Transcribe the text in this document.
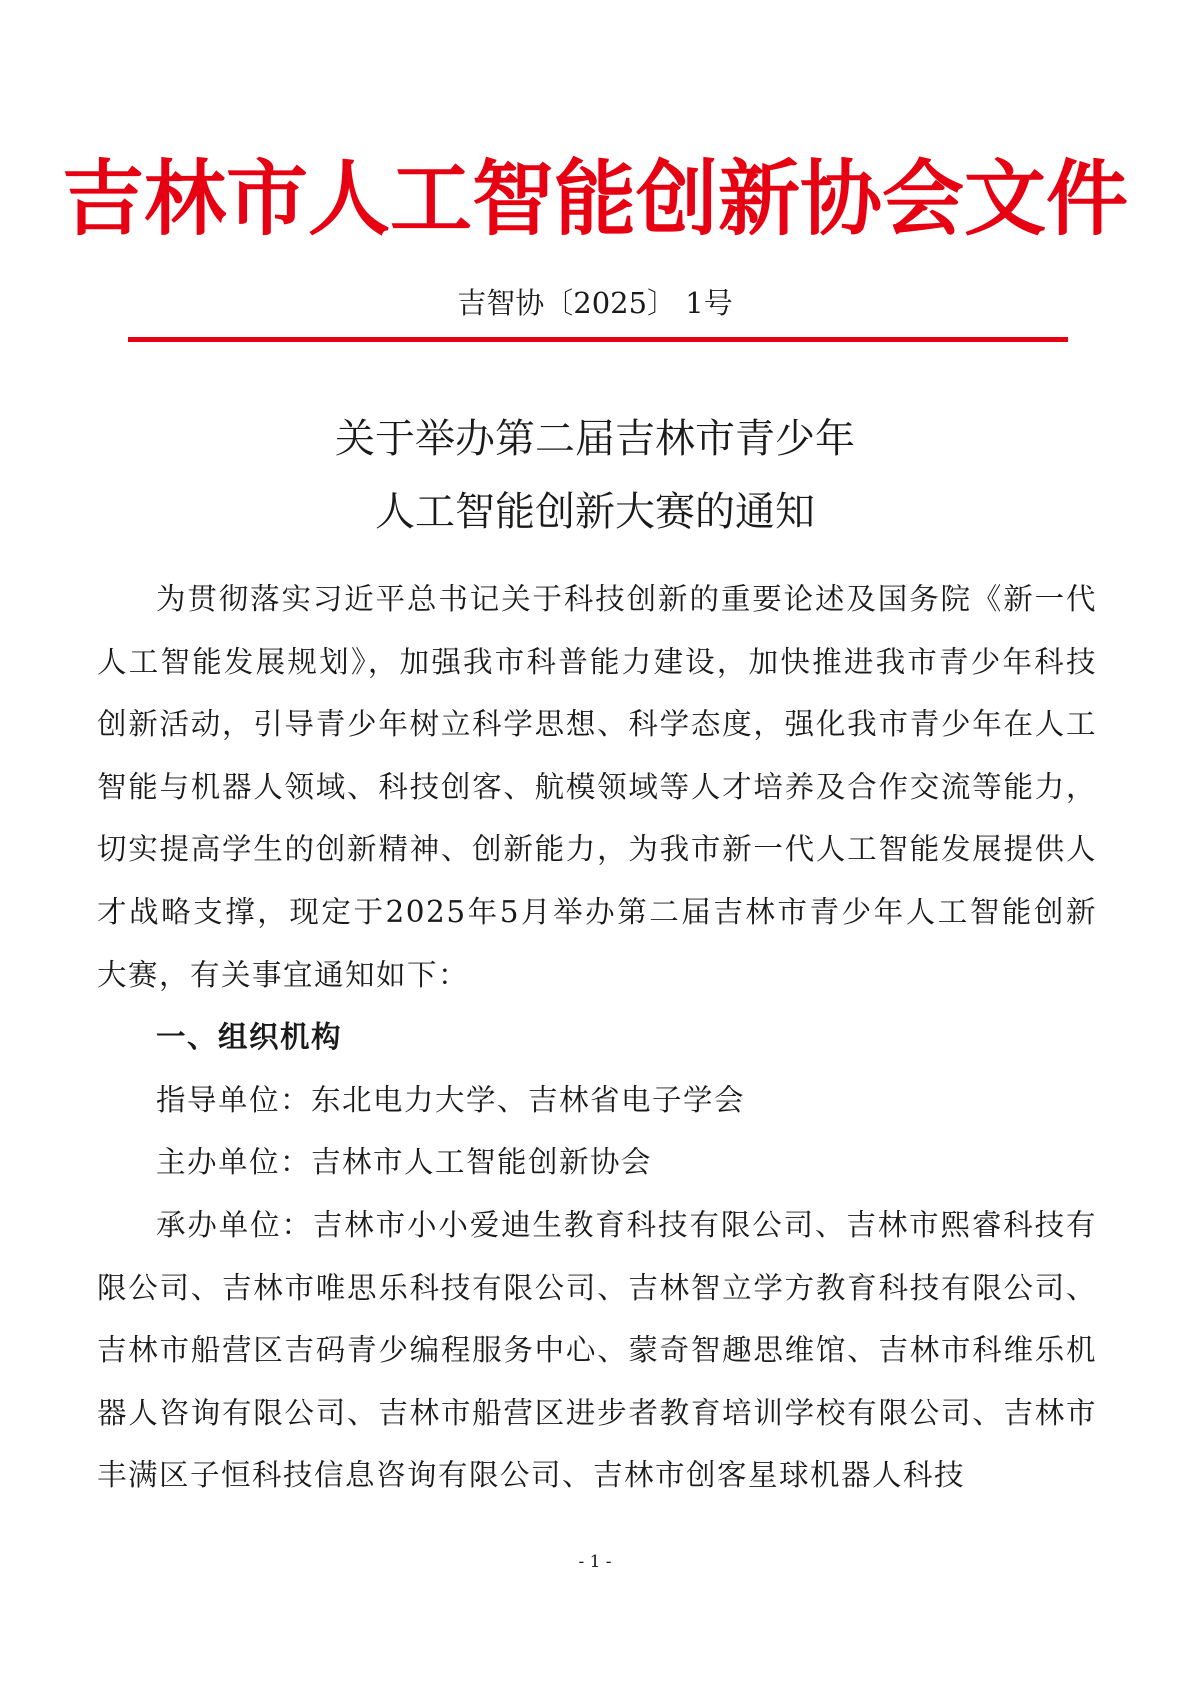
吉林市人工智能创新协会文件
吉智协〔2025〕 1号
关于举办第二届吉林市青少年
人工智能创新大赛的通知

为贯彻落实习近平总书记关于科技创新的重要论述及国务院《新一代人工智能发展规划》，加强我市科普能力建设，加快推进我市青少年科技创新活动，引导青少年树立科学思想、科学态度，强化我市青少年在人工智能与机器人领域、科技创客、航模领域等人才培养及合作交流等能力，切实提高学生的创新精神、创新能力，为我市新一代人工智能发展提供人才战略支撑，现定于2025年5月举办第二届吉林市青少年人工智能创新大赛，有关事宜通知如下：

一、组织机构

指导单位：东北电力大学、吉林省电子学会

主办单位：吉林市人工智能创新协会

承办单位：吉林市小小爱迪生教育科技有限公司、吉林市熙睿科技有限公司、吉林市唯思乐科技有限公司、吉林智立学方教育科技有限公司、吉林市船营区吉码青少编程服务中心、蒙奇智趣思维馆、吉林市科维乐机器人咨询有限公司、吉林市船营区进步者教育培训学校有限公司、吉林市丰满区子恒科技信息咨询有限公司、吉林市创客星球机器人科技

- 1 -
